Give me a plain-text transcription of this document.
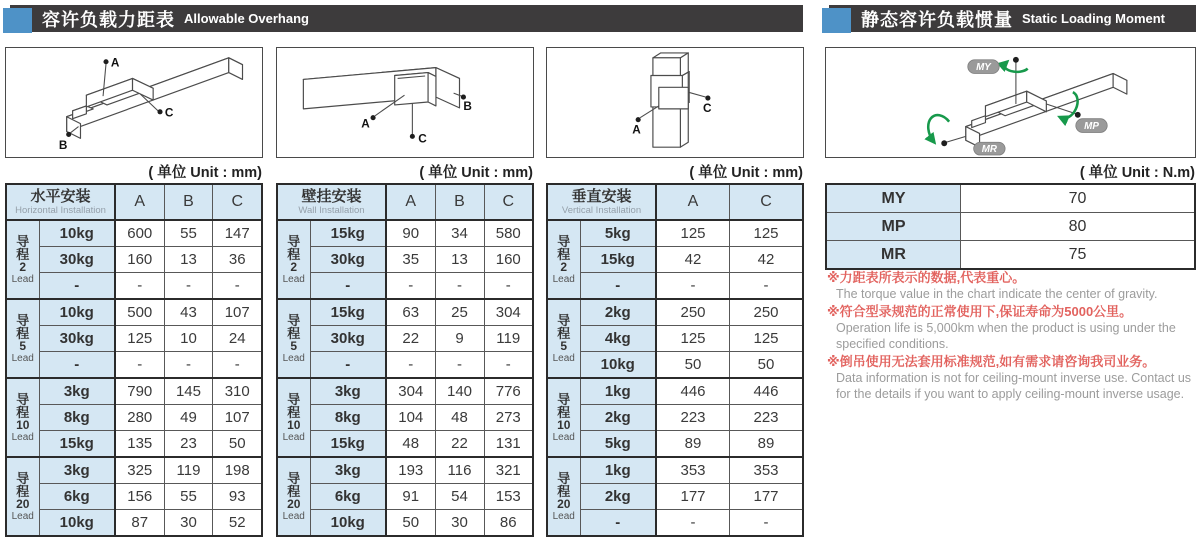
容许负载力距表 Allowable Overhang	静态容许负载惯量 Static Loading Moment
A
C
B
A
C
B
A
C
MY
MP
MR
( 单位 Unit : mm)	( 单位 Unit : mm)	( 单位 Unit : mm)	( 单位 Unit : N.m)
水平安装
Horizontal Installation		A	B	C

导
程
2
Lead	10kg	600	55	147
	30kg	160	13	36
	-	-	-	-

导
程
5
Lead	10kg	500	43	107
	30kg	125	10	24
	-	-	-	-

导
程
10
Lead	3kg	790	145	310
	8kg	280	49	107
	15kg	135	23	50

导
程
20
Lead	3kg	325	119	198
	6kg	156	55	93
	10kg	87	30	52
壁挂安装
Wall Installation		A	B	C

导
程
2
Lead	15kg	90	34	580
	30kg	35	13	160
	-	-	-	-

导
程
5
Lead	15kg	63	25	304
	30kg	22	9	119
	-	-	-	-

导
程
10
Lead	3kg	304	140	776
	8kg	104	48	273
	15kg	48	22	131

导
程
20
Lead	3kg	193	116	321
	6kg	91	54	153
	10kg	50	30	86
垂直安装
Vertical Installation		A	C

导
程
2
Lead	5kg	125	125
	15kg	42	42
	-	-	-

导
程
5
Lead	2kg	250	250
	4kg	125	125
	10kg	50	50

导
程
10
Lead	1kg	446	446
	2kg	223	223
	5kg	89	89

导
程
20
Lead	1kg	353	353
	2kg	177	177
	-	-	-
MY	70
MP	80
MR	75
※力距表所表示的数据,代表重心。
The torque value in the chart indicate the center of gravity.
※符合型录规范的正常使用下,保证寿命为5000公里。
Operation life is 5,000km when the product is using under the specified conditions.
※倒吊使用无法套用标准规范,如有需求请咨询我司业务。
Data information is not for ceiling-mount inverse use. Contact us for the details if you want to apply ceiling-mount inverse usage.
